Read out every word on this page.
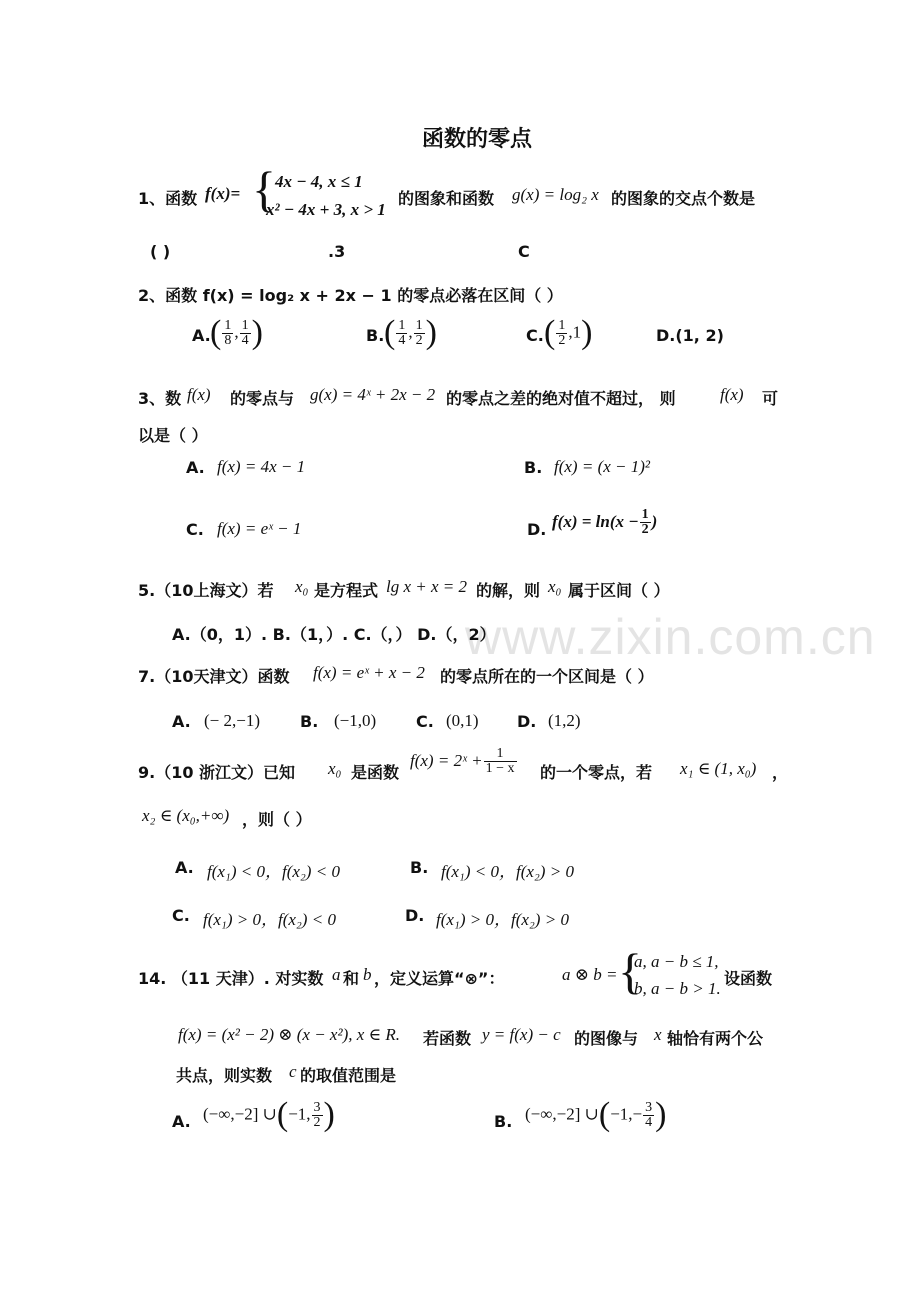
www.zixin.com.cn
函数的零点
1、函数 f(x)= { 4x − 4, x ≤ 1
x² − 4x + 3, x > 1
的图象和函数 g(x) = log₂ x 的图象的交点个数是
( )	.3	C
2、函数 f(x) = log₂ x + 2x − 1 的零点必落在区间（ ）
A. ( $\frac{1}{8}$ , $\frac{1}{4}$ )	B. ( $\frac{1}{4}$ , $\frac{1}{2}$ )	C. ( $\frac{1}{2} ,1$)	D.(1, 2)
3、数 f(x) 的零点与 g(x) = 4ˣ + 2x − 2 的零点之差的绝对值不超过， 则	f(x) 可
以是（ ）
A. f(x) = 4x − 1	B. f(x) = (x − 1)²
C. f(x) = eˣ − 1	D. $f(x) = \ln(x - \frac{1}{2}$ )
5.（10上海文）若 x₀ 是方程式 lg x + x = 2 的解，则 x₀ 属于区间（ ）
A.（0，1）. B.（1，）. C.（，） D.（，2）
7.（10天津文）函数 f(x) = eˣ + x − 2 的零点所在的一个区间是（ ）
A. (− 2,−1)	B. (−1,0) C. (0,1) D. (1,2)
9.（10 浙江文）已知 x₀ 是函数
f(x) = 2ˣ + $\frac{1}{1 - x}$ 的一个零点，若 x₁ ∈ (1, x₀) ，
x₂ ∈ (x₀,+∞) ，则（ ）
A. f(x₁) < 0，f(x₂) < 0	B. f(x₁) < 0，f(x₂) > 0
C. f(x₁) > 0，f(x₂) < 0	D. f(x₁) > 0，f(x₂) > 0
14. （11 天津）. 对实数 a 和 b ，定义运算“⊗”：	a ⊗ b = {
a, a − b ≤ 1,
b, a − b > 1.
设函数
f(x) = (x² − 2) ⊗ (x − x²), x ∈ R. 若函数 y = f(x) − c 的图像与 x 轴恰有两个公
共点，则实数 c 的取值范围是
A. (−∞,−2] ∪(−1, $\frac{3}{2}$ )	B. (−∞,−2] ∪(−1,− $\frac{3}{4}$ )
